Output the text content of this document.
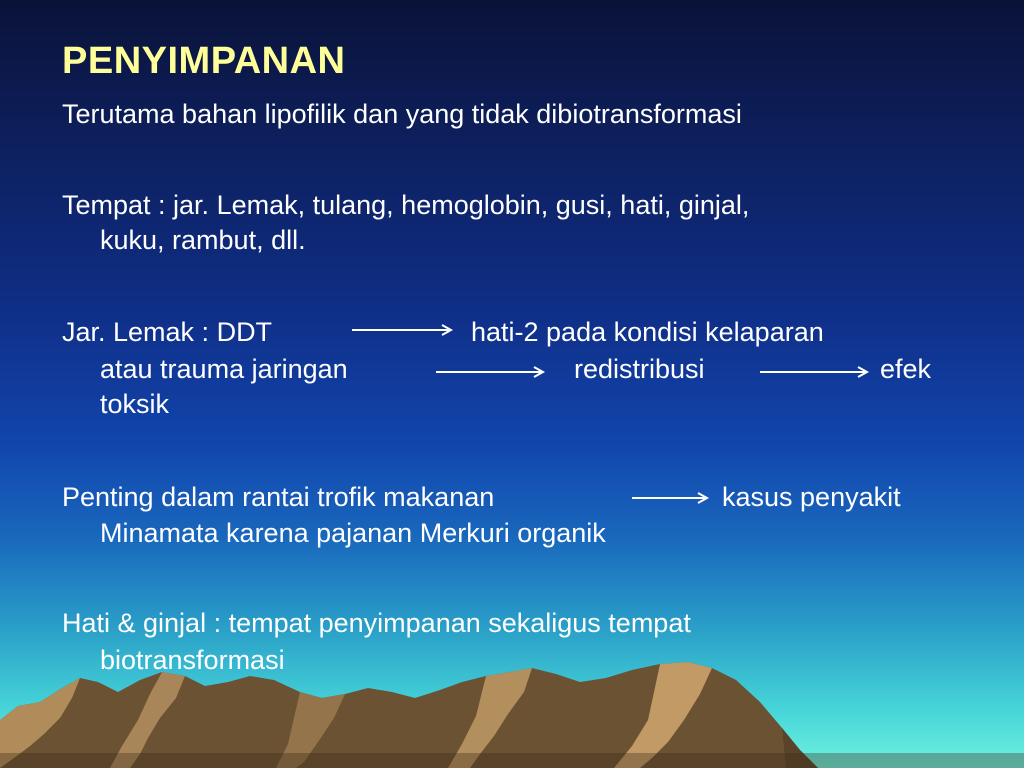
PENYIMPANAN
Terutama bahan lipofilik dan yang tidak dibiotransformasi
Tempat : jar. Lemak, tulang, hemoglobin, gusi, hati, ginjal,
kuku, rambut, dll.
Jar. Lemak : DDT	hati-2 pada kondisi kelaparan
atau trauma jaringan	redistribusi	efek
toksik
Penting dalam rantai trofik makanan	kasus penyakit
Minamata karena pajanan Merkuri organik
Hati & ginjal : tempat penyimpanan sekaligus tempat
biotransformasi
